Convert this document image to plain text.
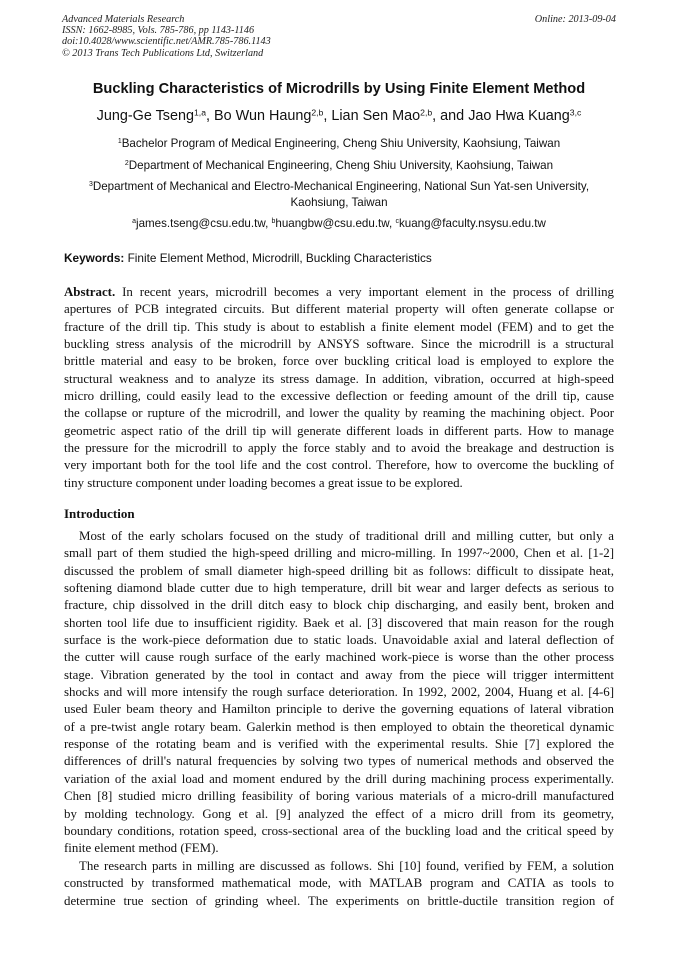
Advanced Materials Research
ISSN: 1662-8985, Vols. 785-786, pp 1143-1146
doi:10.4028/www.scientific.net/AMR.785-786.1143
© 2013 Trans Tech Publications Ltd, Switzerland
Online: 2013-09-04
Buckling Characteristics of Microdrills by Using Finite Element Method
Jung-Ge Tseng$^{1,a}$, Bo Wun Haung$^{2,b}$, Lian Sen Mao$^{2,b}$, and Jao Hwa Kuang$^{3,c}$
$^1$Bachelor Program of Medical Engineering, Cheng Shiu University, Kaohsiung, Taiwan
$^2$Department of Mechanical Engineering, Cheng Shiu University, Kaohsiung, Taiwan
$^3$Department of Mechanical and Electro-Mechanical Engineering, National Sun Yat-sen University,
Kaohsiung, Taiwan
$^a$james.tseng@csu.edu.tw, $^b$huangbw@csu.edu.tw, $^c$kuang@faculty.nsysu.edu.tw
Keywords: Finite Element Method, Microdrill, Buckling Characteristics
Abstract. In recent years, microdrill becomes a very important element in the process of drilling
apertures of PCB integrated circuits. But different material property will often generate collapse or
fracture of the drill tip. This study is about to establish a finite element model (FEM) and to get the
buckling stress analysis of the microdrill by ANSYS software. Since the microdrill is a structural
brittle material and easy to be broken, force over buckling critical load is employed to explore the
structural weakness and to analyze its stress damage. In addition, vibration, occurred at high-speed
micro drilling, could easily lead to the excessive deflection or feeding amount of the drill tip, cause
the collapse or rupture of the microdrill, and lower the quality by reaming the machining object. Poor
geometric aspect ratio of the drill tip will generate different loads in different parts. How to manage
the pressure for the microdrill to apply the force stably and to avoid the breakage and destruction is
very important both for the tool life and the cost control. Therefore, how to overcome the buckling of
tiny structure component under loading becomes a great issue to be explored.
Introduction
Most of the early scholars focused on the study of traditional drill and milling cutter, but only a
small part of them studied the high-speed drilling and micro-milling. In 1997~2000, Chen et al. [1-2]
discussed the problem of small diameter high-speed drilling bit as follows: difficult to dissipate heat,
softening diamond blade cutter due to high temperature, drill bit wear and larger defects as serious to
fracture, chip dissolved in the drill ditch easy to block chip discharging, and easily bent, broken and
shorten tool life due to insufficient rigidity. Baek et al. [3] discovered that main reason for the rough
surface is the work-piece deformation due to static loads. Unavoidable axial and lateral deflection of
the cutter will cause rough surface of the early machined work-piece is worse than the other process
stage. Vibration generated by the tool in contact and away from the piece will trigger intermittent
shocks and will more intensify the rough surface deterioration. In 1992, 2002, 2004, Huang et al. [4-6]
used Euler beam theory and Hamilton principle to derive the governing equations of lateral vibration
of a pre-twist angle rotary beam. Galerkin method is then employed to obtain the theoretical dynamic
response of the rotating beam and is verified with the experimental results. Shie [7] explored the
differences of drill's natural frequencies by solving two types of numerical methods and observed the
variation of the axial load and moment endured by the drill during machining process experimentally.
Chen [8] studied micro drilling feasibility of boring various materials of a micro-drill manufactured
by molding technology. Gong et al. [9] analyzed the effect of a micro drill from its geometry,
boundary conditions, rotation speed, cross-sectional area of the buckling load and the critical speed by
finite element method (FEM).
The research parts in milling are discussed as follows. Shi [10] found, verified by FEM, a solution
constructed by transformed mathematical mode, with MATLAB program and CATIA as tools to
determine true section of grinding wheel. The experiments on brittle-ductile transition region of
